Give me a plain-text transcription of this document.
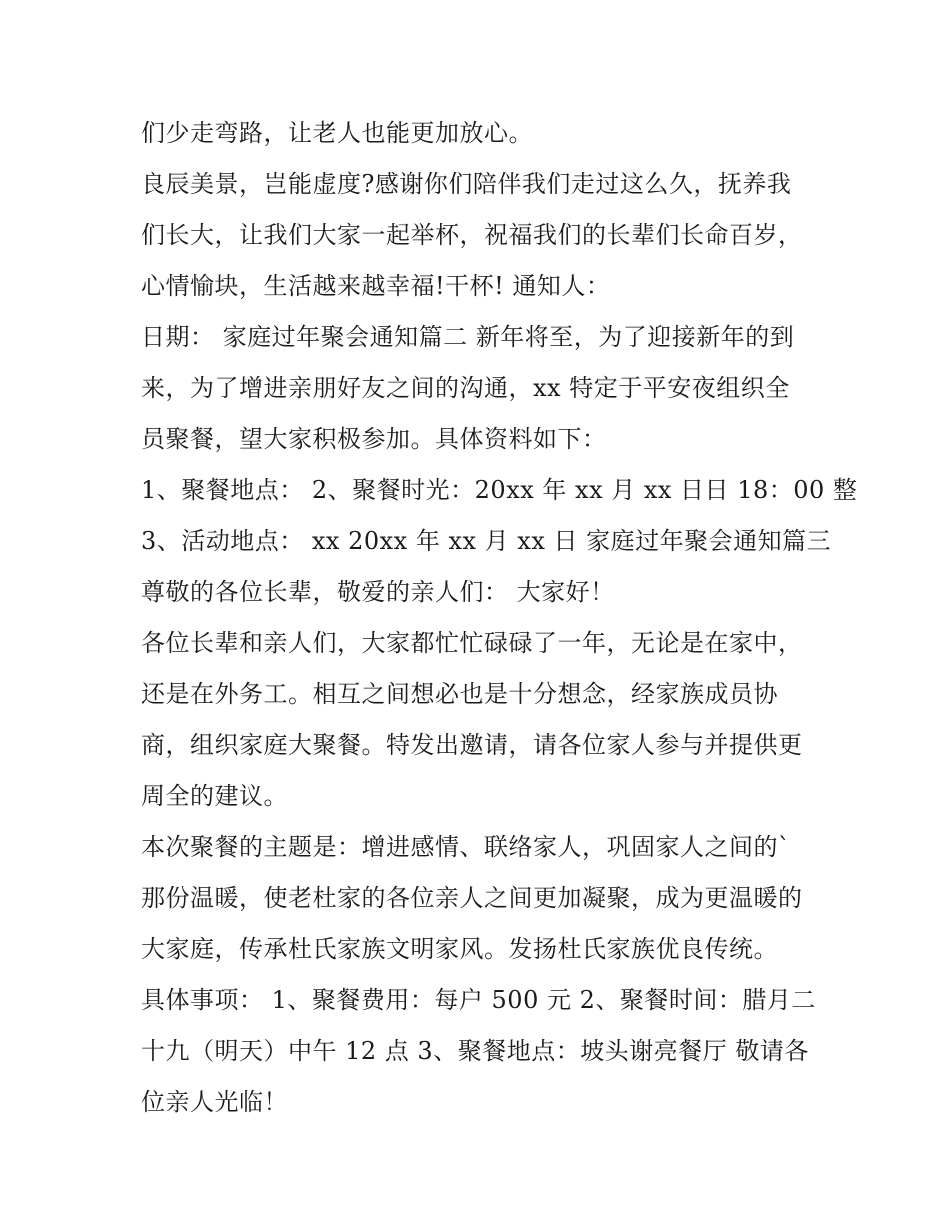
们少走弯路，让老人也能更加放心。
良辰美景，岂能虚度?感谢你们陪伴我们走过这么久，抚养我
们长大，让我们大家一起举杯，祝福我们的长辈们长命百岁，
心情愉块，生活越来越幸福!干杯! 通知人：
日期： 家庭过年聚会通知篇二 新年将至，为了迎接新年的到
来，为了增进亲朋好友之间的沟通，xx 特定于平安夜组织全
员聚餐，望大家积极参加。具体资料如下：
1、聚餐地点： 2、聚餐时光：20xx 年 xx 月 xx 日日 18：00 整
3、活动地点： xx 20xx 年 xx 月 xx 日 家庭过年聚会通知篇三
尊敬的各位长辈，敬爱的亲人们： 大家好！
各位长辈和亲人们，大家都忙忙碌碌了一年，无论是在家中，
还是在外务工。相互之间想必也是十分想念，经家族成员协
商，组织家庭大聚餐。特发出邀请，请各位家人参与并提供更
周全的建议。
本次聚餐的主题是：增进感情、联络家人，巩固家人之间的`
那份温暖，使老杜家的各位亲人之间更加凝聚，成为更温暖的
大家庭，传承杜氏家族文明家风。发扬杜氏家族优良传统。
具体事项： 1、聚餐费用：每户 500 元 2、聚餐时间：腊月二
十九（明天）中午 12 点 3、聚餐地点：坡头谢亮餐厅 敬请各
位亲人光临！
